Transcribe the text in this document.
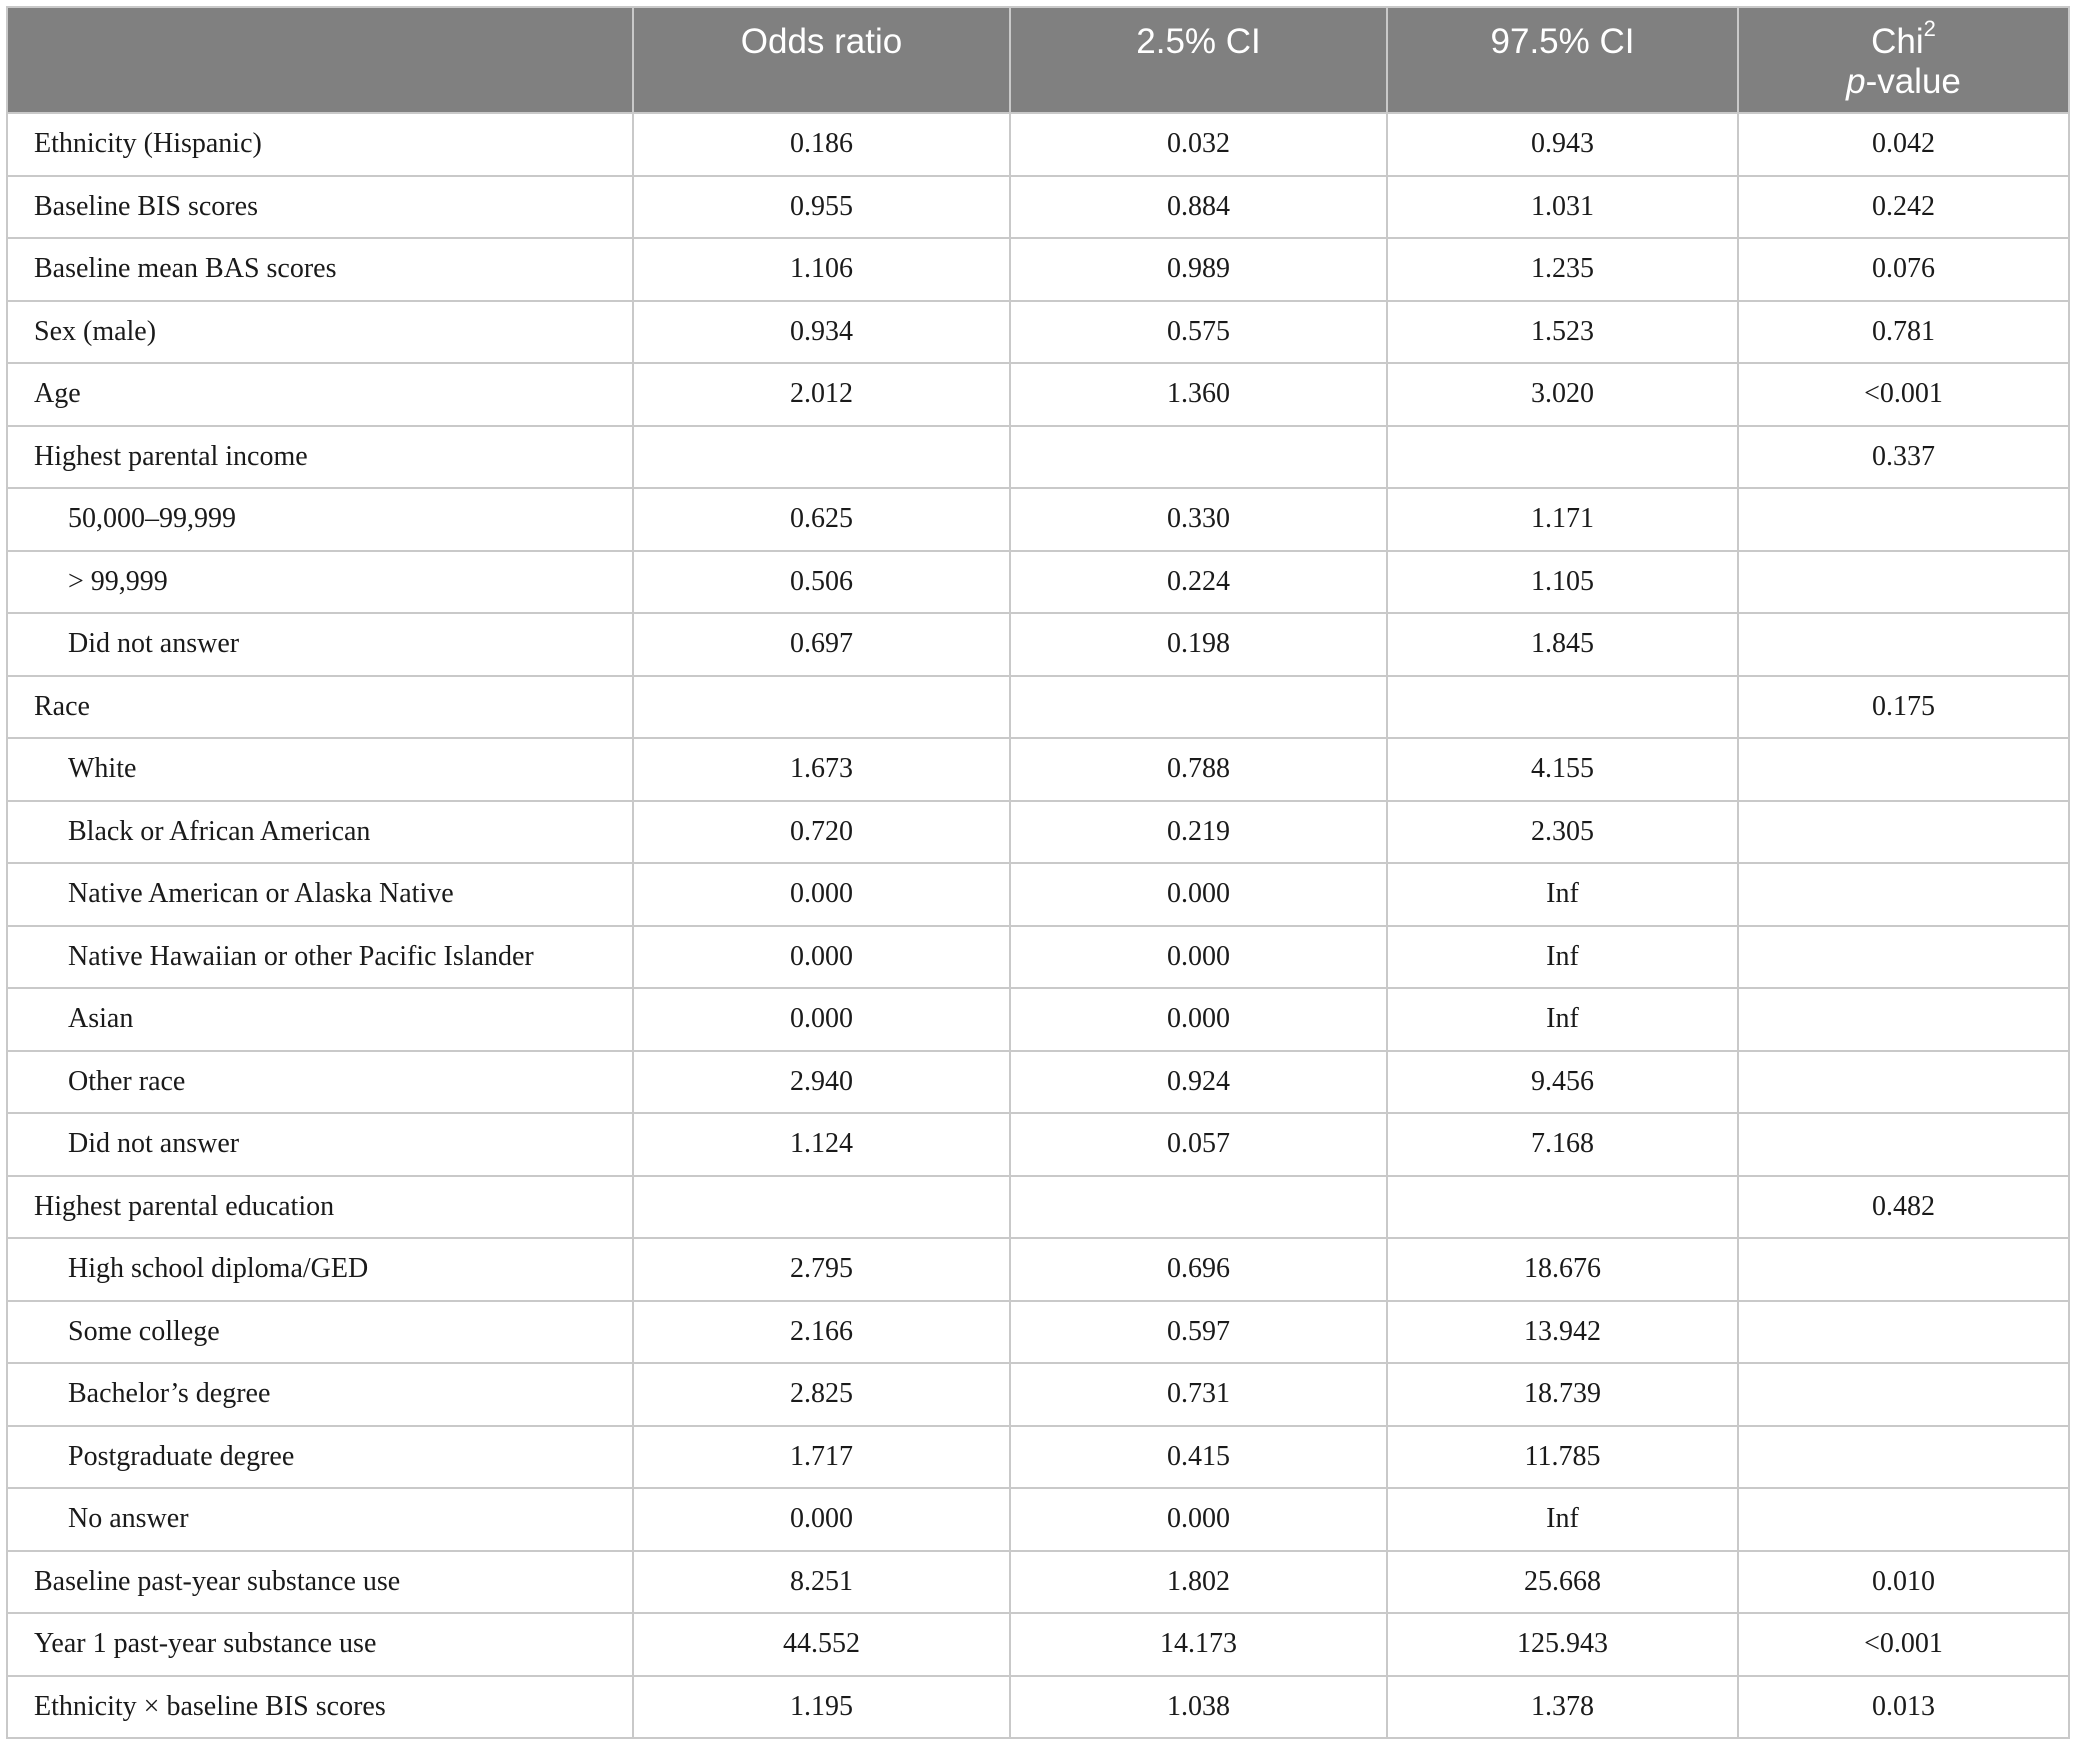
	Odds ratio	2.5% CI	97.5% CI	Chi$^2$
p-value

Ethnicity (Hispanic)	0.186	0.032	0.943	0.042
Baseline BIS scores	0.955	0.884	1.031	0.242
Baseline mean BAS scores	1.106	0.989	1.235	0.076
Sex (male)	0.934	0.575	1.523	0.781
Age	2.012	1.360	3.020	<0.001
Highest parental income				0.337
50,000–99,999	0.625	0.330	1.171	
> 99,999	0.506	0.224	1.105	
Did not answer	0.697	0.198	1.845	
Race				0.175
White	1.673	0.788	4.155	
Black or African American	0.720	0.219	2.305	
Native American or Alaska Native	0.000	0.000	Inf	
Native Hawaiian or other Pacific Islander	0.000	0.000	Inf	
Asian	0.000	0.000	Inf	
Other race	2.940	0.924	9.456	
Did not answer	1.124	0.057	7.168	
Highest parental education				0.482
High school diploma/GED	2.795	0.696	18.676	
Some college	2.166	0.597	13.942	
Bachelor’s degree	2.825	0.731	18.739	
Postgraduate degree	1.717	0.415	11.785	
No answer	0.000	0.000	Inf	
Baseline past-year substance use	8.251	1.802	25.668	0.010
Year 1 past-year substance use	44.552	14.173	125.943	<0.001
Ethnicity × baseline BIS scores	1.195	1.038	1.378	0.013
